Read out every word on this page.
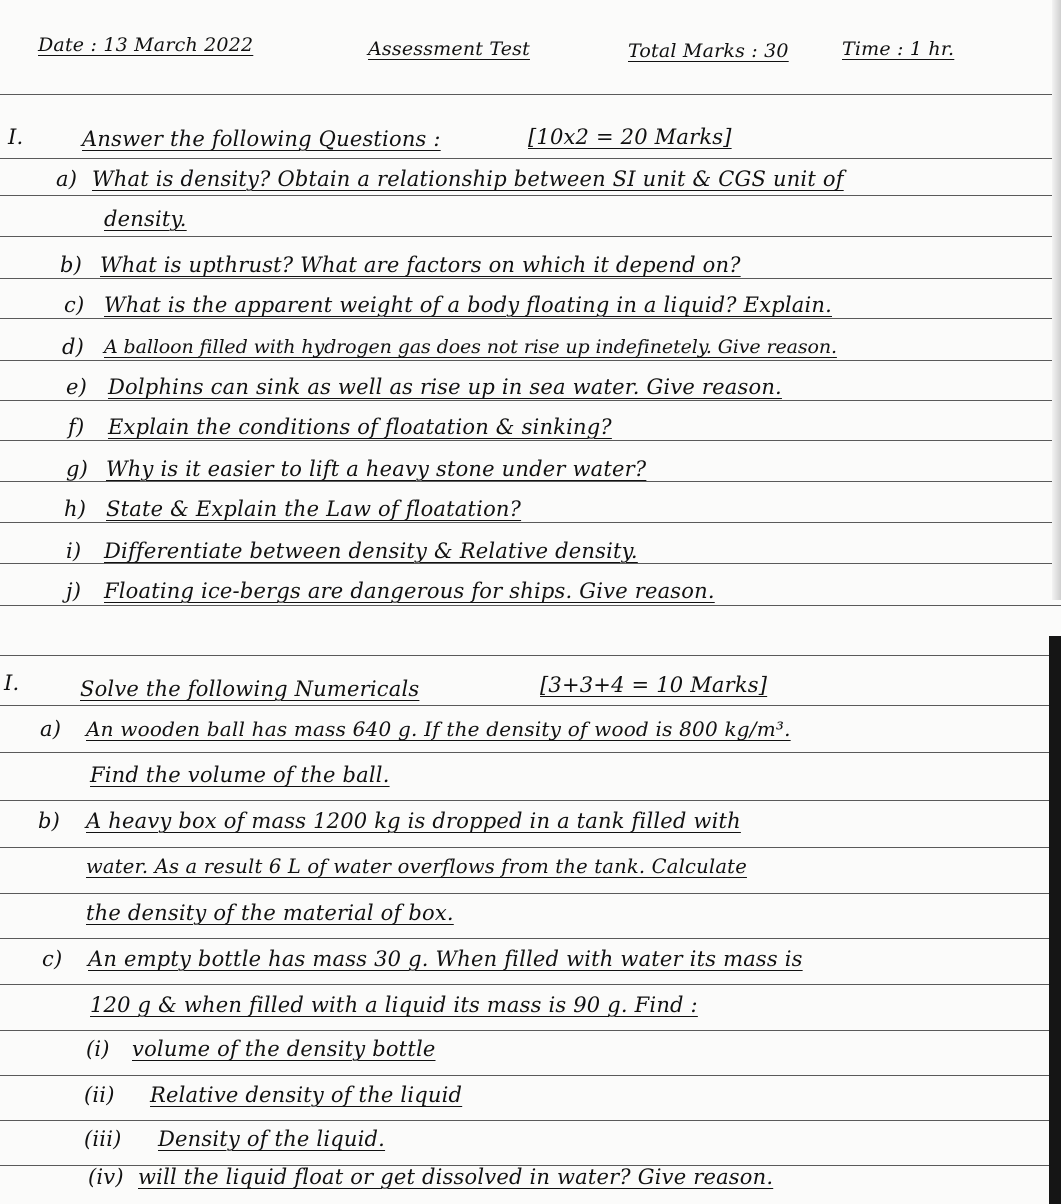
Date : 13 March 2022	Assessment Test	Total Marks : 30	Time : 1 hr.
I.	Answer the following Questions :	[10x2 = 20 Marks]
a) What is density? Obtain a relationship between SI unit & CGS unit of
density.
b) What is upthrust? What are factors on which it depend on?
c) What is the apparent weight of a body floating in a liquid? Explain.
d) A balloon filled with hydrogen gas does not rise up indefinetely. Give reason.
e) Dolphins can sink as well as rise up in sea water. Give reason.
f) Explain the conditions of floatation & sinking?
g) Why is it easier to lift a heavy stone under water?
h) State & Explain the Law of floatation?
i) Differentiate between density & Relative density.
j) Floating ice-bergs are dangerous for ships. Give reason.
I.	Solve the following Numericals	[3+3+4 = 10 Marks]
a) An wooden ball has mass 640 g. If the density of wood is 800 kg/m³.
Find the volume of the ball.
b) A heavy box of mass 1200 kg is dropped in a tank filled with
water. As a result 6 L of water overflows from the tank. Calculate
the density of the material of box.
c) An empty bottle has mass 30 g. When filled with water its mass is
120 g & when filled with a liquid its mass is 90 g. Find :
(i) volume of the density bottle
(ii) Relative density of the liquid
(iii) Density of the liquid.
(iv) will the liquid float or get dissolved in water? Give reason.
